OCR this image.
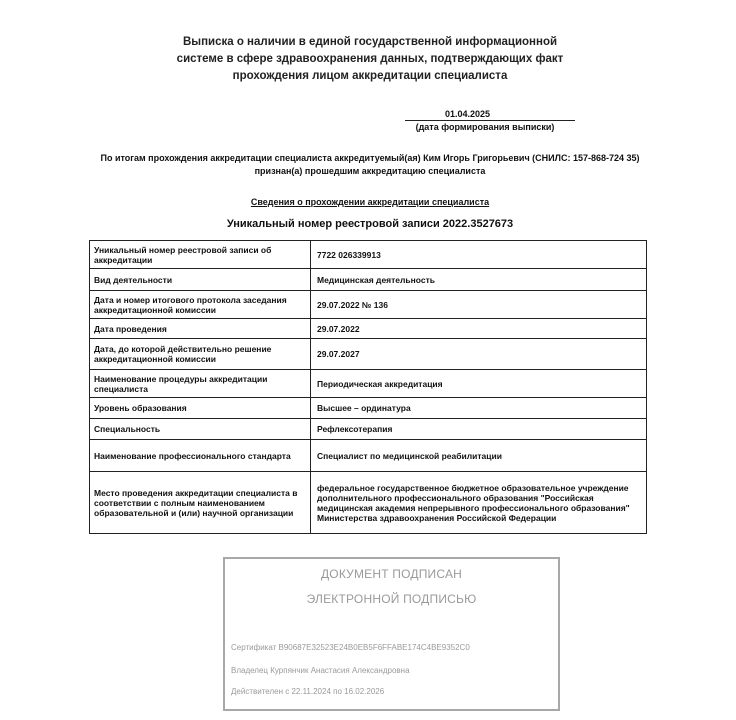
Выписка о наличии в единой государственной информационной
системе в сфере здравоохранения данных, подтверждающих факт
прохождения лицом аккредитации специалиста
01.04.2025
(дата формирования выписки)
По итогам прохождения аккредитации специалиста аккредитуемый(ая) Ким Игорь Григорьевич (СНИЛС: 157-868-724 35)
признан(а) прошедшим аккредитацию специалиста
Сведения о прохождении аккредитации специалиста
Уникальный номер реестровой записи 2022.3527673
Уникальный номер реестровой записи об аккредитации	7722 026339913
Вид деятельности	Медицинская деятельность
Дата и номер итогового протокола заседания аккредитационной комиссии	29.07.2022 № 136
Дата проведения	29.07.2022
Дата, до которой действительно решение аккредитационной комиссии	29.07.2027
Наименование процедуры аккредитации специалиста	Периодическая аккредитация
Уровень образования	Высшее – ординатура
Специальность	Рефлексотерапия
Наименование профессионального стандарта	Специалист по медицинской реабилитации
Место проведения аккредитации специалиста в соответствии с полным наименованием образовательной и (или) научной организации	федеральное государственное бюджетное образовательное учреждение дополнительного профессионального образования "Российская медицинская академия непрерывного профессионального образования" Министерства здравоохранения Российской Федерации
ДОКУМЕНТ ПОДПИСАН
ЭЛЕКТРОННОЙ ПОДПИСЬЮ
Сертификат B90687E32523E24B0EB5F6FFABE174C4BE9352C0
Владелец Курпянчик Анастасия Александровна
Действителен с 22.11.2024 по 16.02.2026
